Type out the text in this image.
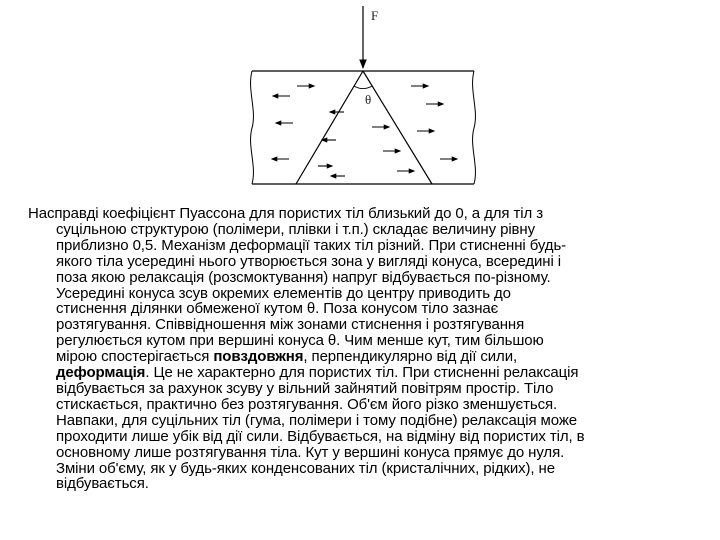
F
θ
Насправді коефіцієнт Пуассона для пористих тіл близький до 0, а для тіл з
суцільною структурою (полімери, плівки і т.п.) складає величину рівну
приблизно 0,5. Механізм деформації таких тіл різний. При стисненні будь-
якого тіла усередині нього утворюється зона у вигляді конуса, всередині і
поза якою релаксація (розсмоктування) напруг відбувається по-різному.
Усередині конуса зсув окремих елементів до центру приводить до
стиснення ділянки обмеженої кутом θ. Поза конусом тіло зазнає
розтягування. Співвідношення між зонами стиснення і розтягування
регулюється кутом при вершині конуса θ. Чим менше кут, тим більшою
мірою спостерігається повздовжня, перпендикулярно від дії сили,
деформація. Це не характерно для пористих тіл. При стисненні релаксація
відбувається за рахунок зсуву у вільний зайнятий повітрям простір. Тіло
стискається, практично без розтягування. Об'єм його різко зменшується.
Навпаки, для суцільних тіл (гума, полімери і тому подібне) релаксація може
проходити лише убік від дії сили. Відбувається, на відміну від пористих тіл, в
основному лише розтягування тіла. Кут у вершині конуса прямує до нуля.
Зміни об'єму, як у будь-яких конденсованих тіл (кристалічних, рідких), не
відбувається.
